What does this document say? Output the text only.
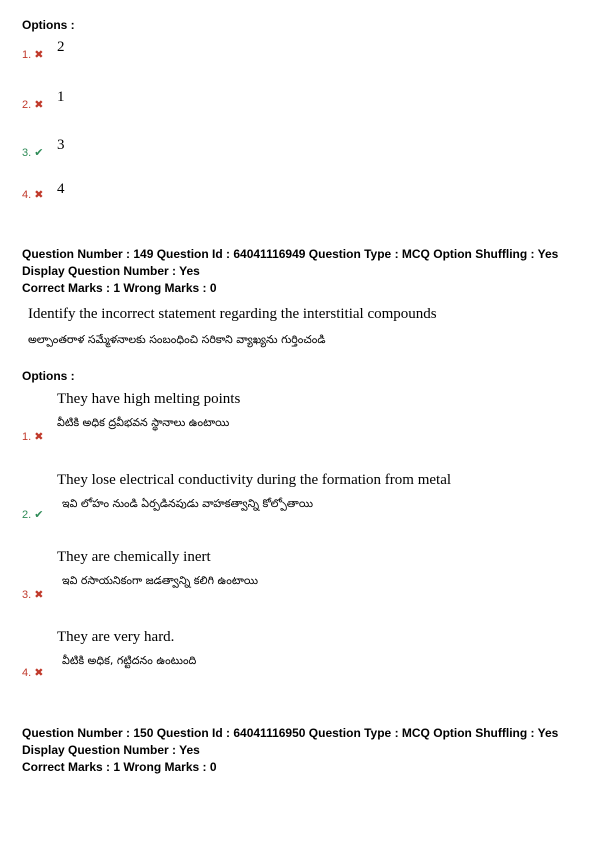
Options :
1. ✖ 2
2. ✖ 1
3. ✔ 3
4. ✖ 4
Question Number : 149 Question Id : 64041116949 Question Type : MCQ Option Shuffling : Yes
Display Question Number : Yes
Correct Marks : 1 Wrong Marks : 0
Identify the incorrect statement regarding the interstitial compounds
అల్పాంతరాళ సమ్మేళనాలకు సంబంధించి సరికాని వ్యాఖ్యను గుర్తించండి
Options :
They have high melting points
వీటికి అధిక ద్రవీభవన స్థానాలు ఉంటాయి
1. ✖
They lose electrical conductivity during the formation from metal
ఇవి లోహం నుండి ఏర్పడినపుడు వాహకత్వాన్ని కోల్పోతాయి
2. ✔
They are chemically inert
ఇవి రసాయనికంగా జడత్వాన్ని కలిగి ఉంటాయి
3. ✖
They are very hard.
వీటికి అధిక, గట్టిదనం ఉంటుంది
4. ✖
Question Number : 150 Question Id : 64041116950 Question Type : MCQ Option Shuffling : Yes
Display Question Number : Yes
Correct Marks : 1 Wrong Marks : 0
